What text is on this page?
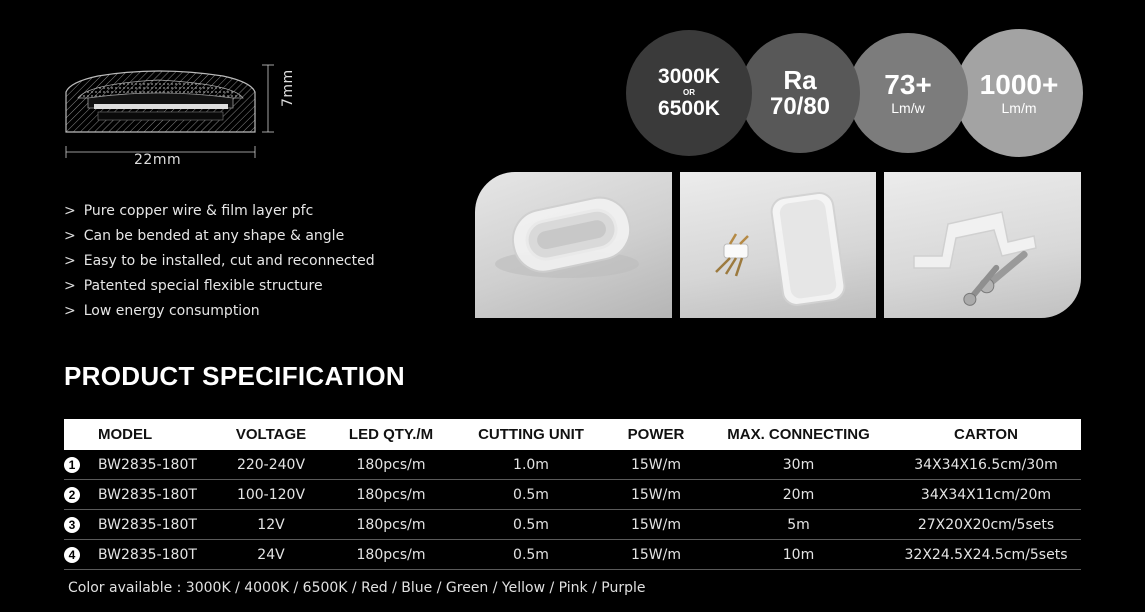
22mm
7mm
> Pure copper wire & film layer pfc
> Can be bended at any shape & angle
> Easy to be installed, cut and reconnected
> Patented special flexible structure
> Low energy consumption
3000K
OR
6500K
Ra
70/80
73+
Lm/w
1000+
Lm/m
PRODUCT SPECIFICATION
	MODEL	VOLTAGE	LED QTY./M	CUTTING UNIT	POWER	MAX. CONNECTING	CARTON
1	BW2835-180T	220-240V	180pcs/m	1.0m	15W/m	30m	34X34X16.5cm/30m
2	BW2835-180T	100-120V	180pcs/m	0.5m	15W/m	20m	34X34X11cm/20m
3	BW2835-180T	12V	180pcs/m	0.5m	15W/m	5m	27X20X20cm/5sets
4	BW2835-180T	24V	180pcs/m	0.5m	15W/m	10m	32X24.5X24.5cm/5sets
Color available : 3000K / 4000K / 6500K / Red / Blue / Green / Yellow / Pink / Purple
